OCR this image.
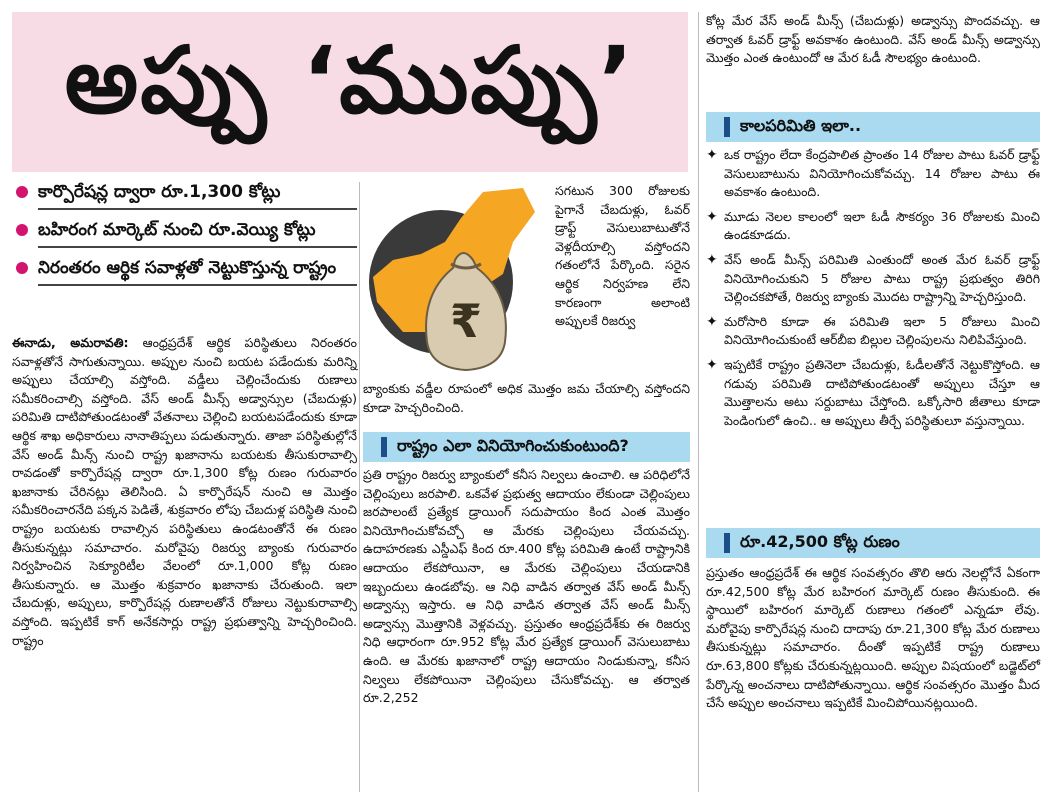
అప్పు ‘ముప్పు’
కార్పొరేషన్ల ద్వారా రూ.1,300 కోట్లు
బహిరంగ మార్కెట్ నుంచి రూ.వెయ్యి కోట్లు
నిరంతరం ఆర్థిక సవాళ్లతో నెట్టుకొస్తున్న రాష్ట్రం
ఈనాడు, అమరావతి: ఆంధ్రప్రదేశ్ ఆర్థిక పరిస్థితులు నిరంతరం సవాళ్లతోనే సాగుతున్నాయి. అప్పుల నుంచి బయట పడేందుకు మరిన్ని అప్పులు చేయాల్సి వస్తోంది. వడ్డీలు చెల్లించేందుకు రుణాలు సమీకరించాల్సి వస్తోంది. వేస్ అండ్ మీన్స్ అడ్వాన్సుల (చేబదుళ్లు) పరిమితి దాటిపోతుండటంతో వేతనాలు చెల్లించి బయటపడేందుకు కూడా ఆర్థిక శాఖ అధికారులు నానాతిప్పలు పడుతున్నారు. తాజా పరిస్థితుల్లోనే వేస్ అండ్ మీన్స్ నుంచి రాష్ట్ర ఖజానాను బయటకు తీసుకురావాల్సి రావడంతో కార్పొరేషన్ల ద్వారా రూ.1,300 కోట్ల రుణం గురువారం ఖజానాకు చేరినట్లు తెలిసింది. ఏ కార్పొరేషన్ నుంచి ఆ మొత్తం సమీకరించారనేది పక్కన పెడితే, శుక్రవారం లోపు చేబదుళ్ల పరిస్థితి నుంచి రాష్ట్రం బయటకు రావాల్సిన పరిస్థితులు ఉండటంతోనే ఈ రుణం తీసుకున్నట్లు సమాచారం. మరోవైపు రిజర్వు బ్యాంకు గురువారం నిర్వహించిన సెక్యూరిటీల వేలంలో రూ.1,000 కోట్ల రుణం తీసుకున్నారు. ఆ మొత్తం శుక్రవారం ఖజానాకు చేరుతుంది. ఇలా చేబదుళ్లు, అప్పులు, కార్పొరేషన్ల రుణాలతోనే రోజులు నెట్టుకురావాల్సి వస్తోంది. ఇప్పటికే కాగ్ అనేకసార్లు రాష్ట్ర ప్రభుత్వాన్ని హెచ్చరించింది. రాష్ట్రం
₹
సగటున 300 రోజులకు పైగానే చేబదుళ్లు, ఓవర్ డ్రాఫ్ట్ వెసులుబాటుతోనే వెళ్లదీయాల్సి వస్తోందని గతంలోనే పేర్కొంది. సరైన ఆర్థిక నిర్వహణ లేని కారణంగా అలాంటి అప్పులకే రిజర్వు
బ్యాంకుకు వడ్డీల రూపంలో అధిక మొత్తం జమ చేయాల్సి వస్తోందని కూడా హెచ్చరించింది.
రాష్ట్రం ఎలా వినియోగించుకుంటుంది?
ప్రతి రాష్ట్రం రిజర్వు బ్యాంకులో కనీస నిల్వలు ఉంచాలి. ఆ పరిధిలోనే చెల్లింపులు జరపాలి. ఒకవేళ ప్రభుత్వ ఆదాయం లేకుండా చెల్లింపులు జరపాలంటే ప్రత్యేక డ్రాయింగ్ సదుపాయం కింద ఎంత మొత్తం వినియోగించుకోవచ్చో ఆ మేరకు చెల్లింపులు చేయవచ్చు. ఉదాహరణకు ఎస్డీఎఫ్ కింద రూ.400 కోట్ల పరిమితి ఉంటే రాష్ట్రానికి ఆదాయం లేకపోయినా, ఆ మేరకు చెల్లింపులు చేయడానికి ఇబ్బందులు ఉండబోవు. ఆ నిధి వాడిన తర్వాత వేస్ అండ్ మీన్స్ అడ్వాన్సు ఇస్తారు. ఆ నిధి వాడిన తర్వాత వేస్ అండ్ మీన్స్ అడ్వాన్సు మొత్తానికి వెళ్లవచ్చు. ప్రస్తుతం ఆంధ్రప్రదేశ్‌కు ఈ రిజర్వు నిధి ఆధారంగా రూ.952 కోట్ల మేర ప్రత్యేక డ్రాయింగ్ వెసులుబాటు ఉంది. ఆ మేరకు ఖజానాలో రాష్ట్ర ఆదాయం నిండుకున్నా, కనీస నిల్వలు లేకపోయినా చెల్లింపులు చేసుకోవచ్చు. ఆ తర్వాత రూ.2,252
కోట్ల మేర వేస్ అండ్ మీన్స్ (చేబదుళ్లు) అడ్వాన్సు పొందవచ్చు. ఆ తర్వాత ఓవర్ డ్రాఫ్ట్ అవకాశం ఉంటుంది. వేస్ అండ్ మీన్స్ అడ్వాన్సు మొత్తం ఎంత ఉంటుందో ఆ మేర ఓడీ సౌలభ్యం ఉంటుంది.
కాలపరిమితి ఇలా..
✦ ఒక రాష్ట్రం లేదా కేంద్రపాలిత ప్రాంతం 14 రోజుల పాటు ఓవర్ డ్రాఫ్ట్ వెసులుబాటును వినియోగించుకోవచ్చు. 14 రోజుల పాటు ఈ అవకాశం ఉంటుంది.
✦ మూడు నెలల కాలంలో ఇలా ఓడీ సౌకర్యం 36 రోజులకు మించి ఉండకూడదు.
✦ వేస్ అండ్ మీన్స్ పరిమితి ఎంతుందో అంత మేర ఓవర్ డ్రాఫ్ట్ వినియోగించుకుని 5 రోజుల పాటు రాష్ట్ర ప్రభుత్వం తిరిగి చెల్లించకపోతే, రిజర్వు బ్యాంకు మొదట రాష్ట్రాన్ని హెచ్చరిస్తుంది.
✦ మరోసారి కూడా ఈ పరిమితి ఇలా 5 రోజులు మించి వినియోగించుకుంటే ఆర్‌బీఐ బిల్లుల చెల్లింపులను నిలిపివేస్తుంది.
✦ ఇప్పటికే రాష్ట్రం ప్రతినెలా చేబదుళ్లు, ఓడీలతోనే నెట్టుకొస్తోంది. ఆ గడువు పరిమితి దాటిపోతుండటంతో అప్పులు చేస్తూ ఆ మొత్తాలను అటు సర్దుబాటు చేస్తోంది. ఒక్కోసారి జీతాలు కూడా పెండింగులో ఉంచి.. ఆ అప్పులు తీర్చే పరిస్థితులూ వస్తున్నాయి.
రూ.42,500 కోట్ల రుణం
ప్రస్తుతం ఆంధ్రప్రదేశ్ ఈ ఆర్థిక సంవత్సరం తొలి ఆరు నెలల్లోనే ఏకంగా రూ.42,500 కోట్ల మేర బహిరంగ మార్కెట్ రుణం తీసుకుంది. ఈ స్థాయిలో బహిరంగ మార్కెట్ రుణాలు గతంలో ఎన్నడూ లేవు. మరోవైపు కార్పొరేషన్ల నుంచి దాదాపు రూ.21,300 కోట్ల మేర రుణాలు తీసుకున్నట్లు సమాచారం. దీంతో ఇప్పటికే రాష్ట్ర రుణాలు రూ.63,800 కోట్లకు చేరుకున్నట్లయింది. అప్పుల విషయంలో బడ్జెట్‌లో పేర్కొన్న అంచనాలు దాటిపోతున్నాయి. ఆర్థిక సంవత్సరం మొత్తం మీద చేసే అప్పుల అంచనాలు ఇప్పటికే మించిపోయినట్లయింది.
